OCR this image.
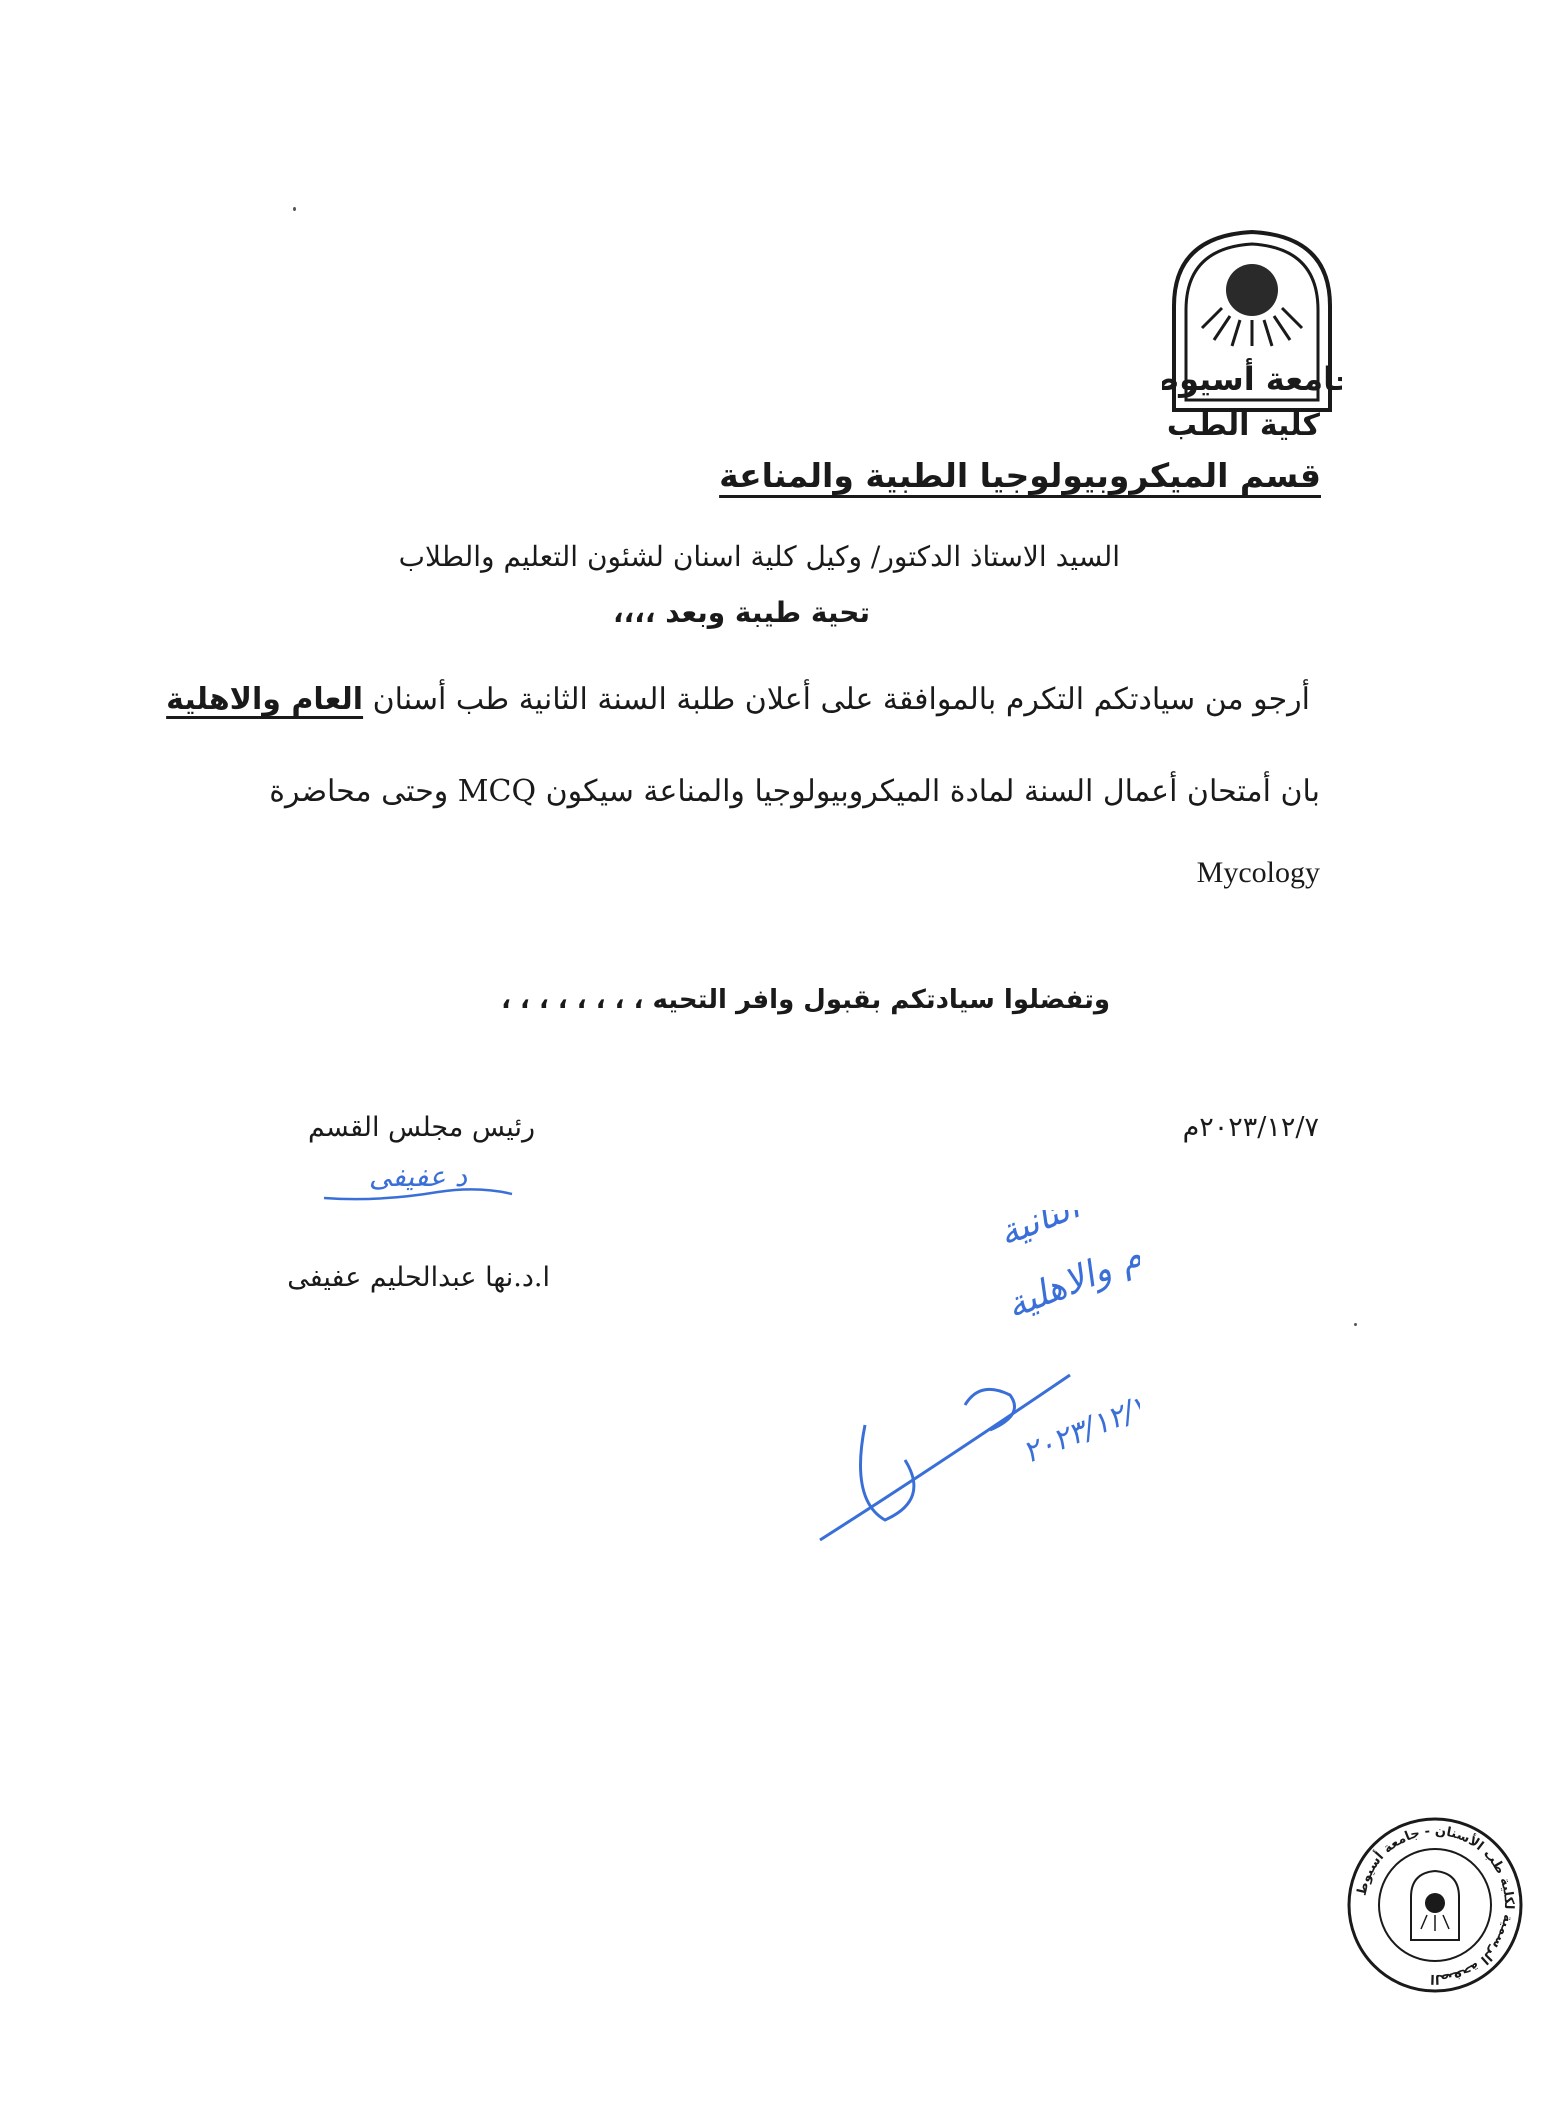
امعة أسيوط
كلية الطب
قسم الميكروبيولوجيا الطبية والمناعة
السيد الاستاذ الدكتور/ وكيل كلية اسنان لشئون التعليم والطلاب
تحية طيبة وبعد ،،،،
أرجو من سيادتكم التكرم بالموافقة على أعلان طلبة السنة الثانية طب أسنان العام والاهلية
بان أمتحان أعمال السنة لمادة الميكروبيولوجيا والمناعة سيكون MCQ وحتى محاضرة
Mycology
وتفضلوا سيادتكم بقبول وافر التحيه ، ، ، ، ، ، ، ،
٢٠٢٣/١٢/٧م
رئيس مجلس القسم
د عفيفى
ا.د.نها عبدالحليم عفيفى	العام والاهلية
٢٠٢٣/١٢/٧
الصفحة الرسمية لكلية طب الأسنان - جامعة أسيوط
